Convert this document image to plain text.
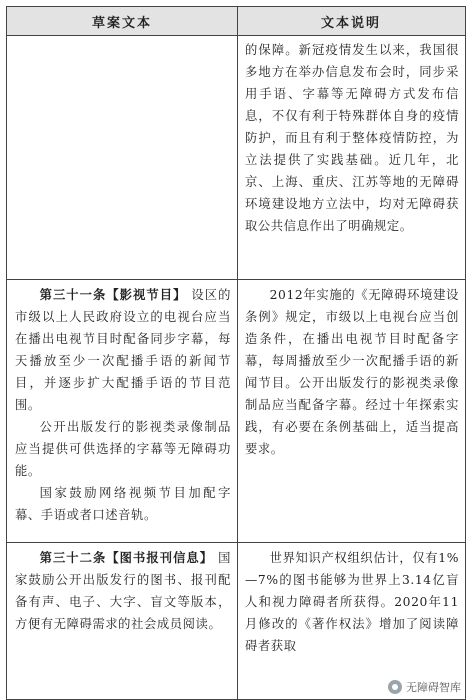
草案文本	文本说明

的保障。新冠疫情发生以来，我国很多地方在举办信息发布会时，同步采用手语、字幕等无障碍方式发布信息，不仅有利于特殊群体自身的疫情防护，而且有利于整体疫情防控，为立法提供了实践基础。近几年，北京、上海、重庆、江苏等地的无障碍环境建设地方立法中，均对无障碍获取公共信息作出了明确规定。

第三十一条【影视节目】 设区的市级以上人民政府设立的电视台应当在播出电视节目时配备同步字幕，每天播放至少一次配播手语的新闻节目，并逐步扩大配播手语的节目范围。

公开出版发行的影视类录像制品应当提供可供选择的字幕等无障碍功能。

国家鼓励网络视频节目加配字幕、手语或者口述音轨。

2012年实施的《无障碍环境建设条例》规定，市级以上电视台应当创造条件，在播出电视节目时配备字幕，每周播放至少一次配播手语的新闻节目。公开出版发行的影视类录像制品应当配备字幕。经过十年探索实践，有必要在条例基础上，适当提高要求。

第三十二条【图书报刊信息】 国家鼓励公开出版发行的图书、报刊配备有声、电子、大字、盲文等版本，方便有无障碍需求的社会成员阅读。

世界知识产权组织估计，仅有1%—7%的图书能够为世界上3.14亿盲人和视力障碍者所获得。2020年11月修改的《著作权法》增加了阅读障碍者获取

无障碍智库
